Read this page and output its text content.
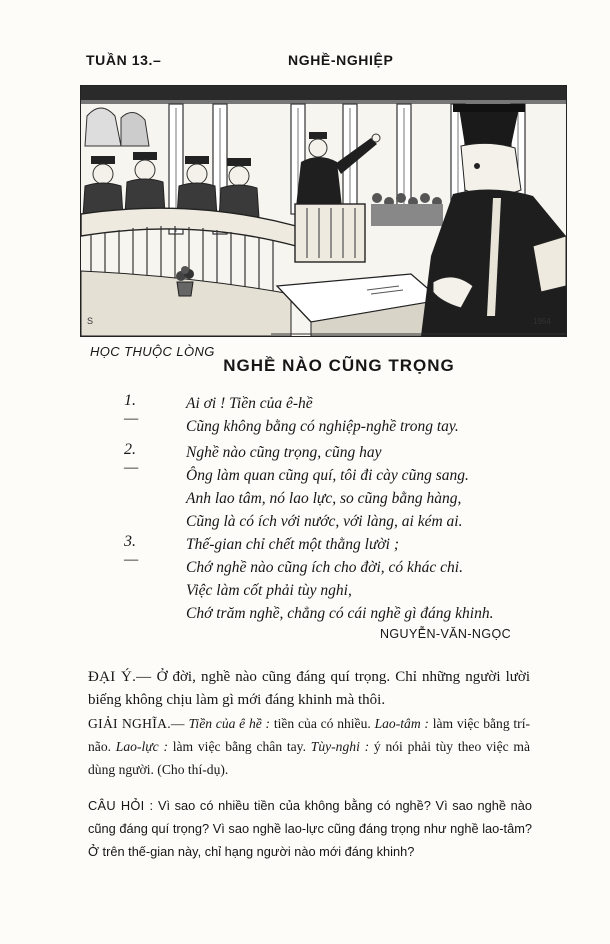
TUẦN 13.–	NGHỀ-NGHIỆP
S	1954
HỌC THUỘC LÒNG
NGHỀ NÀO CŨNG TRỌNG
1.—
Ai ơi ! Tiền của ê-hề
Cũng không bằng có nghiệp-nghề trong tay.
2.—
Nghề nào cũng trọng, cũng hay
Ông làm quan cũng quí, tôi đi cày cũng sang.
Anh lao tâm, nó lao lực, so cũng bằng hàng,
Cũng là có ích với nước, với làng, ai kém ai.
3.—
Thế-gian chỉ chết một thằng lười ;
Chớ nghề nào cũng ích cho đời, có khác chi.
Việc làm cốt phải tùy nghi,
Chớ trăm nghề, chẳng có cái nghề gì đáng khinh.
NGUYỄN-VĂN-NGỌC
ĐẠI Ý.— Ở đời, nghề nào cũng đáng quí trọng. Chỉ những người lười biếng không chịu làm gì mới đáng khinh mà thôi.
GIẢI NGHĨA.— Tiền của ê hề : tiền của có nhiều. Lao-tâm : làm việc bằng trí-não. Lao-lực : làm việc bằng chân tay. Tùy-nghi : ý nói phải tùy theo việc mà dùng người. (Cho thí-dụ).
CÂU HỎI : Vì sao có nhiều tiền của không bằng có nghề? Vì sao nghề nào cũng đáng quí trọng? Vì sao nghề lao-lực cũng đáng trọng như nghề lao-tâm? Ở trên thế-gian này, chỉ hạng người nào mới đáng khinh?
